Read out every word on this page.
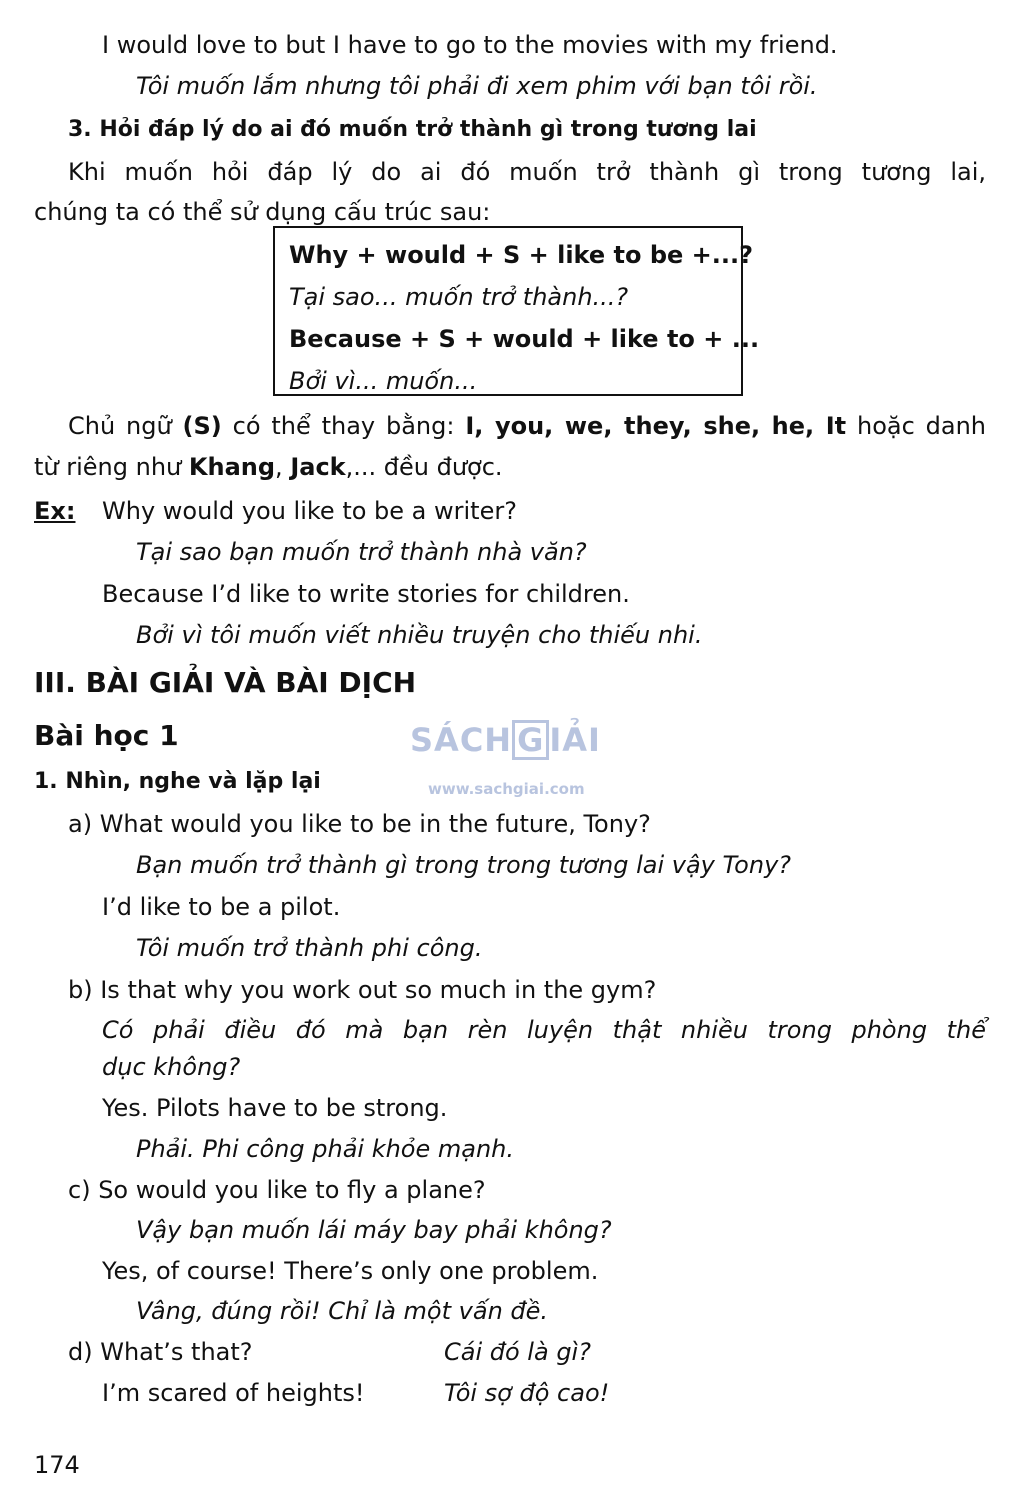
I would love to but I have to go to the movies with my friend.
Tôi muốn lắm nhưng tôi phải đi xem phim với bạn tôi rồi.
3. Hỏi đáp lý do ai đó muốn trở thành gì trong tương lai
Khi muốn hỏi đáp lý do ai đó muốn trở thành gì trong tương lai,
chúng ta có thể sử dụng cấu trúc sau:
Why + would + S + like to be +...?
Tại sao... muốn trở thành...?
Because + S + would + like to + ...
Bởi vì... muốn...
Chủ ngữ (S) có thể thay bằng: I, you, we, they, she, he, It hoặc danh
từ riêng như Khang, Jack,... đều được.
Ex: Why would you like to be a writer?
Tại sao bạn muốn trở thành nhà văn?
Because I’d like to write stories for children.
Bởi vì tôi muốn viết nhiều truyện cho thiếu nhi.
III. BÀI GIẢI VÀ BÀI DỊCH
Bài học 1
1. Nhìn, nghe và lặp lại
SÁCH G IẢI
www.sachgiai.com
a) What would you like to be in the future, Tony?
Bạn muốn trở thành gì trong trong tương lai vậy Tony?
I’d like to be a pilot.
Tôi muốn trở thành phi công.
b) Is that why you work out so much in the gym?
Có phải điều đó mà bạn rèn luyện thật nhiều trong phòng thể
dục không?
Yes. Pilots have to be strong.
Phải. Phi công phải khỏe mạnh.
c) So would you like to fly a plane?
Vậy bạn muốn lái máy bay phải không?
Yes, of course! There’s only one problem.
Vâng, đúng rồi! Chỉ là một vấn đề.
d) What’s that?	Cái đó là gì?
I’m scared of heights!	Tôi sợ độ cao!
174
